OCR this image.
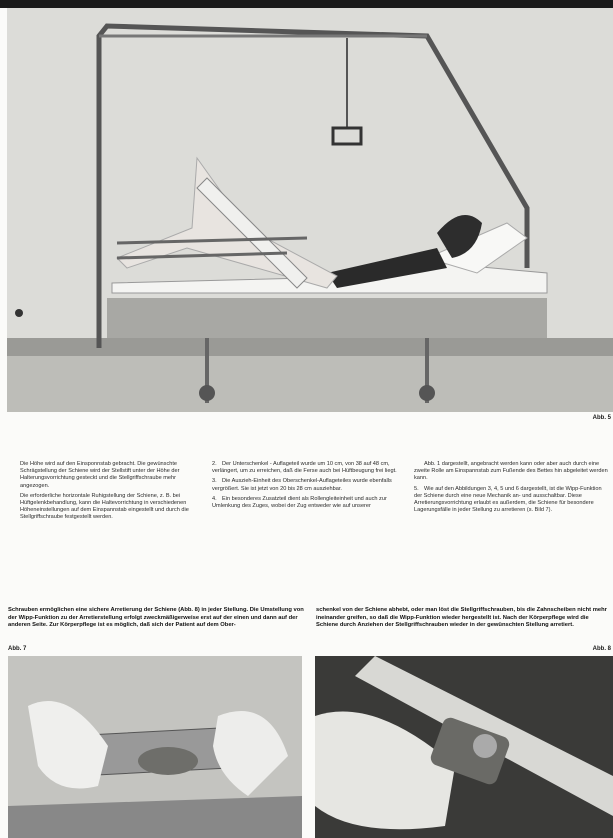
Abb. 5

Die Höhe wird auf den Einsponnstab gebracht. Die gewünschte Schrägstellung der Schiene wird der Stellstift unter der Höhe der Halterungsvorrichtung gesteckt und die Stellgriffschraube mehr angezogen.

Die erforderliche horizontale Ruhigstellung der Schiene, z. B. bei Hüftgelenkbehandlung, kann die Haltevorrichtung in verschiedenen Höheneinstellungen auf dem Einspannstab eingestellt und durch die Stellgriffschraube festgestellt werden.

2. Der Unterschenkel - Auflageteil wurde um 10 cm, von 38 auf 48 cm, verlängert, um zu erreichen, daß die Ferse auch bei Hüftbeugung frei liegt.

3. Die Auszieh-Einheit des Oberschenkel-Auflageteiles wurde ebenfalls vergrößert. Sie ist jetzt von 20 bis 28 cm ausziehbar.

4. Ein besonderes Zusatzteil dient als Rollengleiteinheit und auch zur Umlenkung des Zuges, wobei der Zug entweder wie auf unserer

Abb. 1 dargestellt, angebracht werden kann oder aber auch durch eine zweite Rolle am Einspannstab zum Fußende des Bettes hin abgeleitet werden kann.

5. Wie auf den Abbildungen 3, 4, 5 und 6 dargestellt, ist die Wipp-Funktion der Schiene durch eine neue Mechanik an- und ausschaltbar. Diese Arretierungsvorrichtung erlaubt es außerdem, die Schiene für besondere Lagerungsfälle in jeder Stellung zu arretieren (s. Bild 7).

Schrauben ermöglichen eine sichere Arretierung der Schiene (Abb. 8) in jeder Stellung. Die Umstellung von der Wipp-Funktion zu der Arretierstellung erfolgt zweckmäßigerweise erst auf der einen und dann auf der anderen Seite. Zur Körperpflege ist es möglich, daß sich der Patient auf dem Ober-
schenkel von der Schiene abhebt, oder man löst die Stellgriffschrauben, bis die Zahnscheiben nicht mehr ineinander greifen, so daß die Wipp-Funktion wieder hergestellt ist. Nach der Körperpflege wird die Schiene durch Anziehen der Stellgriffschrauben wieder in der gewünschten Stellung arretiert.
Abb. 7	Abb. 8
